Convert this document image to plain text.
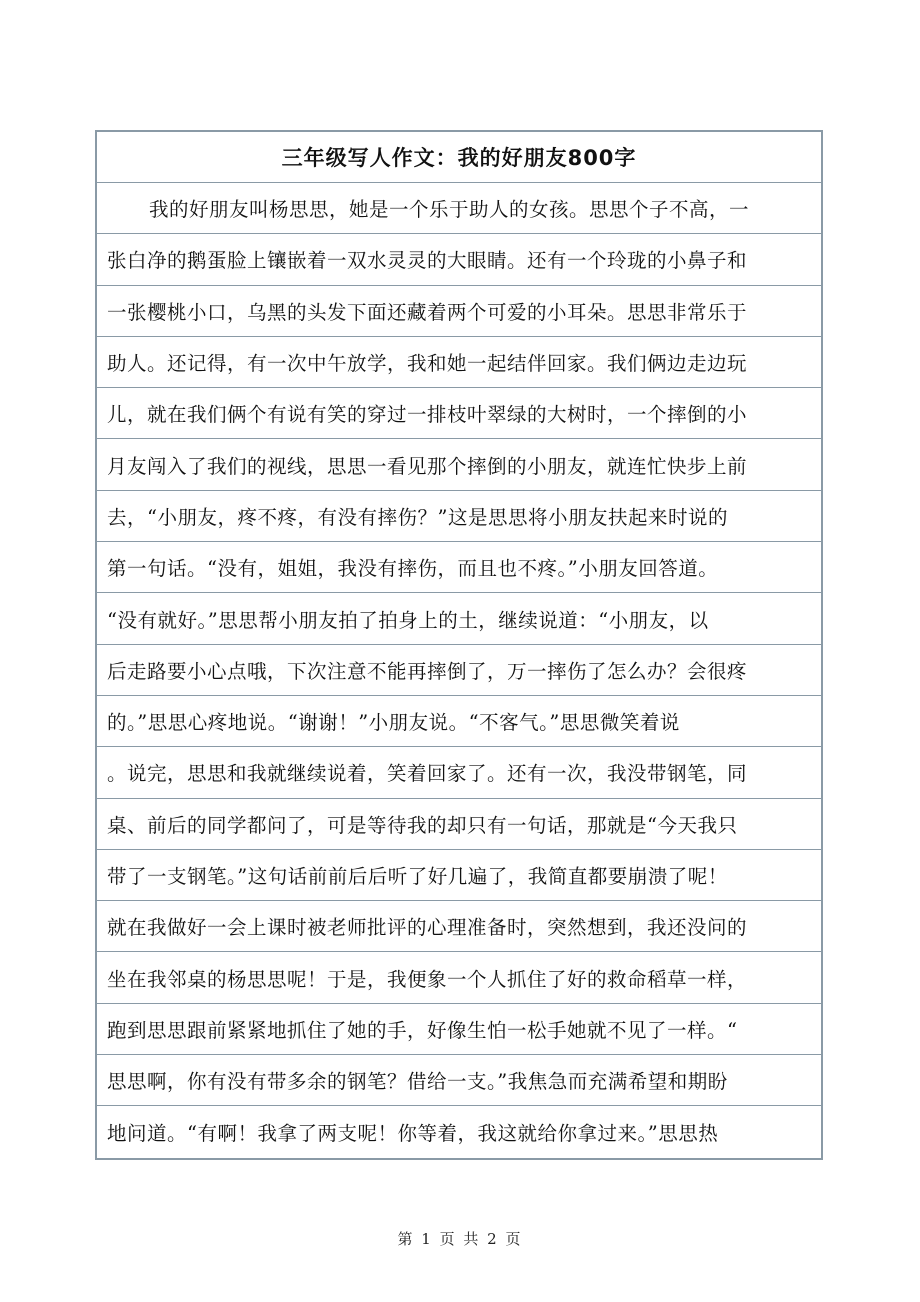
三年级写人作文：我的好朋友800字
我的好朋友叫杨思思，她是一个乐于助人的女孩。思思个子不高，一
张白净的鹅蛋脸上镶嵌着一双水灵灵的大眼睛。还有一个玲珑的小鼻子和
一张樱桃小口，乌黑的头发下面还藏着两个可爱的小耳朵。思思非常乐于
助人。还记得，有一次中午放学，我和她一起结伴回家。我们俩边走边玩
儿，就在我们俩个有说有笑的穿过一排枝叶翠绿的大树时，一个摔倒的小
月友闯入了我们的视线，思思一看见那个摔倒的小朋友，就连忙快步上前
去，“小朋友，疼不疼，有没有摔伤？”这是思思将小朋友扶起来时说的
第一句话。“没有，姐姐，我没有摔伤，而且也不疼。”小朋友回答道。
“没有就好。”思思帮小朋友拍了拍身上的土，继续说道：“小朋友，以
后走路要小心点哦，下次注意不能再摔倒了，万一摔伤了怎么办？会很疼
的。”思思心疼地说。“谢谢！”小朋友说。“不客气。”思思微笑着说
。说完，思思和我就继续说着，笑着回家了。还有一次，我没带钢笔，同
桌、前后的同学都问了，可是等待我的却只有一句话，那就是“今天我只
带了一支钢笔。”这句话前前后后听了好几遍了，我简直都要崩溃了呢！
就在我做好一会上课时被老师批评的心理准备时，突然想到，我还没问的
坐在我邻桌的杨思思呢！于是，我便象一个人抓住了好的救命稻草一样，
跑到思思跟前紧紧地抓住了她的手，好像生怕一松手她就不见了一样。“
思思啊，你有没有带多余的钢笔？借给一支。”我焦急而充满希望和期盼
地问道。“有啊！我拿了两支呢！你等着，我这就给你拿过来。”思思热
第 1 页 共 2 页
